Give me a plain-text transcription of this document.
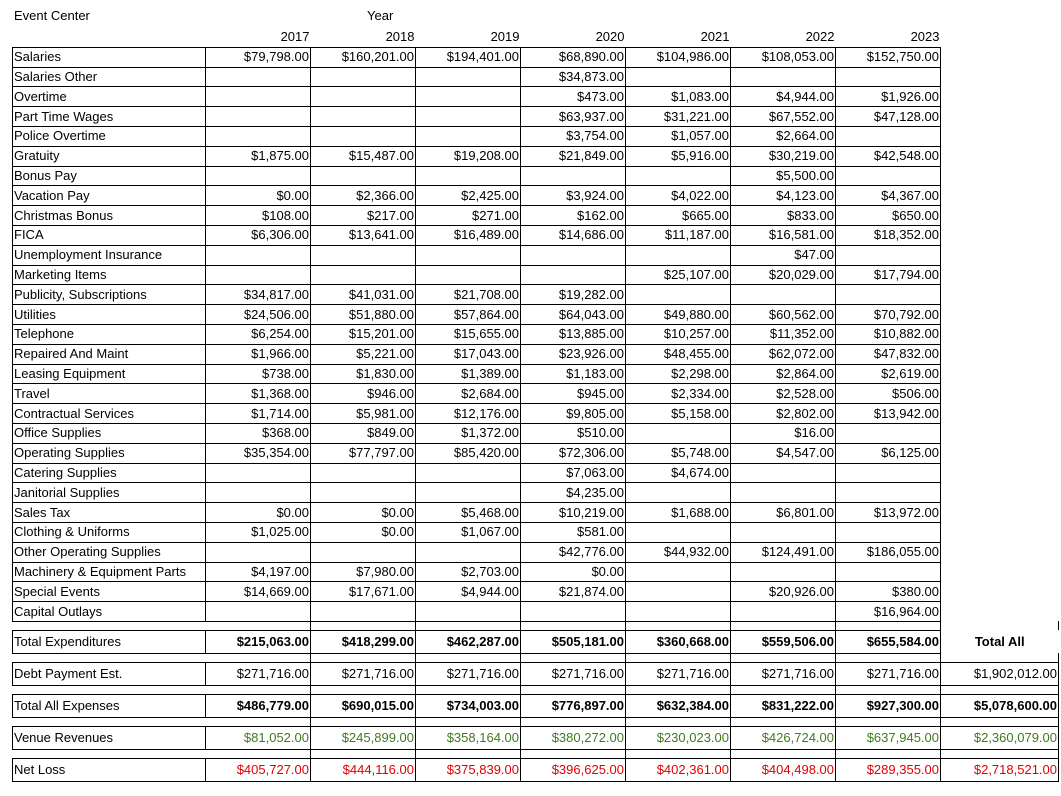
Event Center	Year
	2017	2018	2019	2020	2021	2022	2023	
Salaries	$79,798.00	$160,201.00	$194,401.00	$68,890.00	$104,986.00	$108,053.00	$152,750.00	
Salaries Other				$34,873.00				
Overtime				$473.00	$1,083.00	$4,944.00	$1,926.00	
Part Time Wages				$63,937.00	$31,221.00	$67,552.00	$47,128.00	
Police Overtime				$3,754.00	$1,057.00	$2,664.00		
Gratuity	$1,875.00	$15,487.00	$19,208.00	$21,849.00	$5,916.00	$30,219.00	$42,548.00	
Bonus Pay						$5,500.00		
Vacation Pay	$0.00	$2,366.00	$2,425.00	$3,924.00	$4,022.00	$4,123.00	$4,367.00	
Christmas Bonus	$108.00	$217.00	$271.00	$162.00	$665.00	$833.00	$650.00	
FICA	$6,306.00	$13,641.00	$16,489.00	$14,686.00	$11,187.00	$16,581.00	$18,352.00	
Unemployment Insurance						$47.00		
Marketing Items					$25,107.00	$20,029.00	$17,794.00	
Publicity, Subscriptions	$34,817.00	$41,031.00	$21,708.00	$19,282.00				
Utilities	$24,506.00	$51,880.00	$57,864.00	$64,043.00	$49,880.00	$60,562.00	$70,792.00	
Telephone	$6,254.00	$15,201.00	$15,655.00	$13,885.00	$10,257.00	$11,352.00	$10,882.00	
Repaired And Maint	$1,966.00	$5,221.00	$17,043.00	$23,926.00	$48,455.00	$62,072.00	$47,832.00	
Leasing Equipment	$738.00	$1,830.00	$1,389.00	$1,183.00	$2,298.00	$2,864.00	$2,619.00	
Travel	$1,368.00	$946.00	$2,684.00	$945.00	$2,334.00	$2,528.00	$506.00	
Contractual Services	$1,714.00	$5,981.00	$12,176.00	$9,805.00	$5,158.00	$2,802.00	$13,942.00	
Office Supplies	$368.00	$849.00	$1,372.00	$510.00		$16.00		
Operating Supplies	$35,354.00	$77,797.00	$85,420.00	$72,306.00	$5,748.00	$4,547.00	$6,125.00	
Catering Supplies				$7,063.00	$4,674.00			
Janitorial Supplies				$4,235.00				
Sales Tax	$0.00	$0.00	$5,468.00	$10,219.00	$1,688.00	$6,801.00	$13,972.00	
Clothing & Uniforms	$1,025.00	$0.00	$1,067.00	$581.00				
Other Operating Supplies				$42,776.00	$44,932.00	$124,491.00	$186,055.00	
Machinery & Equipment Parts	$4,197.00	$7,980.00	$2,703.00	$0.00				
Special Events	$14,669.00	$17,671.00	$4,944.00	$21,874.00		$20,926.00	$380.00	
Capital Outlays							$16,964.00	

Total Expenditures	$215,063.00	$418,299.00	$462,287.00	$505,181.00	$360,668.00	$559,506.00	$655,584.00	Total All

Debt Payment Est.	$271,716.00	$271,716.00	$271,716.00	$271,716.00	$271,716.00	$271,716.00	$271,716.00	$1,902,012.00

Total All Expenses	$486,779.00	$690,015.00	$734,003.00	$776,897.00	$632,384.00	$831,222.00	$927,300.00	$5,078,600.00

Venue Revenues	$81,052.00	$245,899.00	$358,164.00	$380,272.00	$230,023.00	$426,724.00	$637,945.00	$2,360,079.00

Net Loss	$405,727.00	$444,116.00	$375,839.00	$396,625.00	$402,361.00	$404,498.00	$289,355.00	$2,718,521.00
